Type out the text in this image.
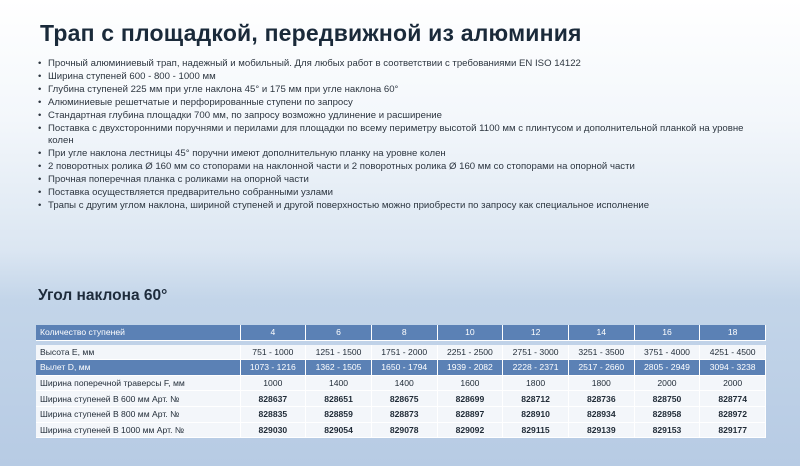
Трап с площадкой, передвижной из алюминия
• Прочный алюминиевый трап, надежный и мобильный. Для любых работ в соответствии с требованиями EN ISO 14122
• Ширина ступеней 600 - 800 - 1000 мм
• Глубина ступеней 225 мм при угле наклона 45° и 175 мм при угле наклона 60°
• Алюминиевые решетчатые и перфорированные ступени по запросу
• Стандартная глубина площадки 700 мм, по запросу возможно удлинение и расширение
• Поставка с двухсторонними поручнями и перилами для площадки по всему периметру высотой 1100 мм с плинтусом и дополнительной планкой на уровне колен
• При угле наклона лестницы 45° поручни имеют дополнительную планку на уровне колен
• 2 поворотных ролика Ø 160 мм со стопорами на наклонной части и 2 поворотных ролика Ø 160 мм со стопорами на опорной части
• Прочная поперечная планка с роликами на опорной части
• Поставка осуществляется предварительно собранными узлами
• Трапы с другим углом наклона, шириной ступеней и другой поверхностью можно приобрести по запросу как специальное исполнение
Угол наклона 60°
Количество ступеней	4	6	8	10	12	14	16	18

Высота Е, мм	751 - 1000	1251 - 1500	1751 - 2000	2251 - 2500	2751 - 3000	3251 - 3500	3751 - 4000	4251 - 4500
Вылет D, мм	1073 - 1216	1362 - 1505	1650 - 1794	1939 - 2082	2228 - 2371	2517 - 2660	2805 - 2949	3094 - 3238
Ширина поперечной траверсы F, мм	1000	1400	1400	1600	1800	1800	2000	2000
Ширина ступеней В 600 мм Арт. №	828637	828651	828675	828699	828712	828736	828750	828774
Ширина ступеней В 800 мм Арт. №	828835	828859	828873	828897	828910	828934	828958	828972
Ширина ступеней В 1000 мм Арт. №	829030	829054	829078	829092	829115	829139	829153	829177
